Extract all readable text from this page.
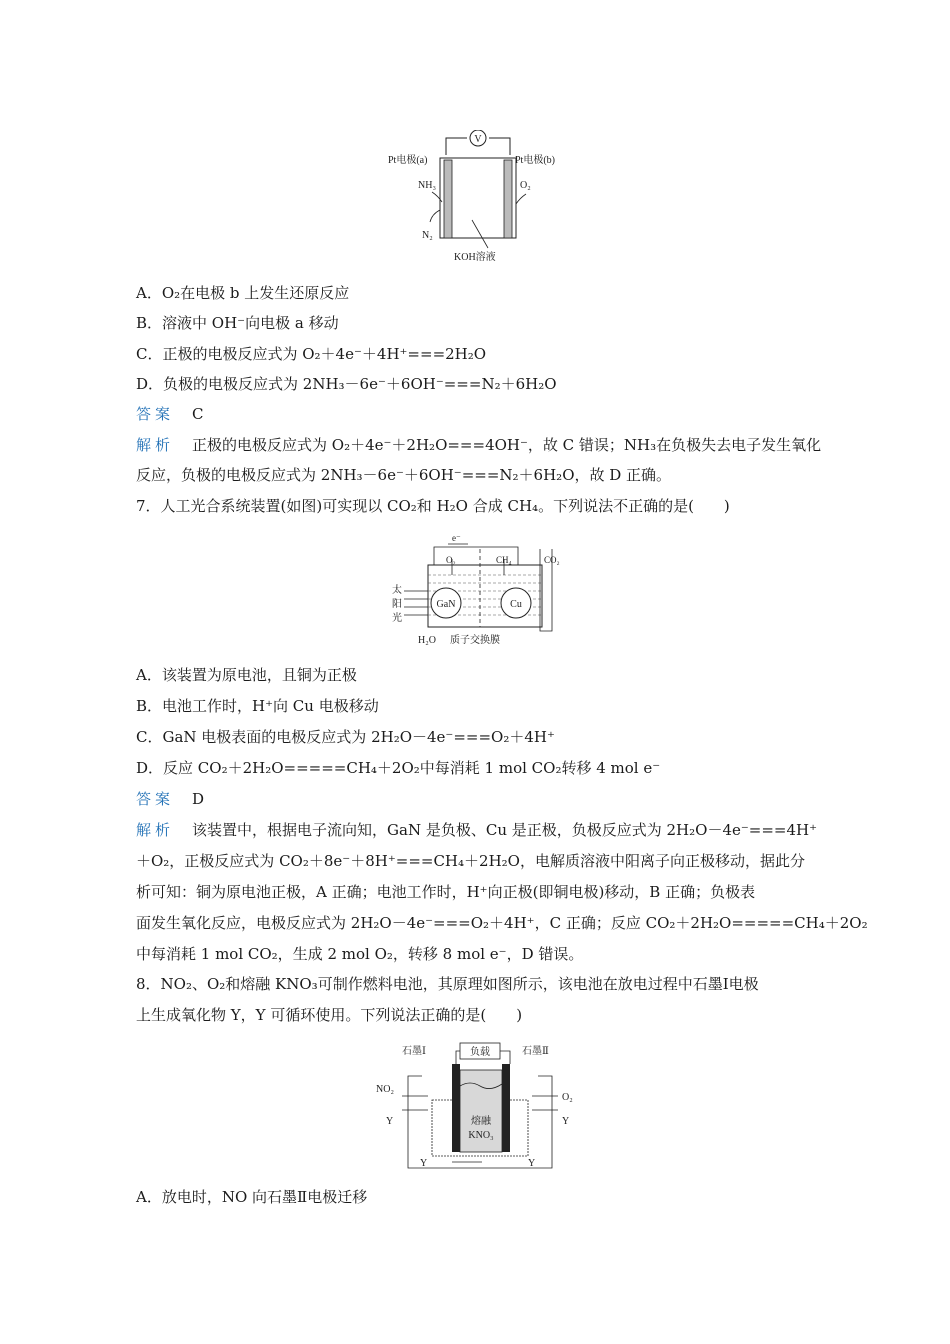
V
Pt电极(a)	Pt电极(b)
NH₃
N₂
O₂
KOH溶液
A．O₂在电极 b 上发生还原反应
B．溶液中 OH⁻向电极 a 移动
C．正极的电极反应式为 O₂＋4e⁻＋4H⁺===2H₂O
D．负极的电极反应式为 2NH₃－6e⁻＋6OH⁻===N₂＋6H₂O
答案 C
解析 正极的电极反应式为 O₂＋4e⁻＋2H₂O===4OH⁻，故 C 错误；NH₃在负极失去电子发生氧化
反应，负极的电极反应式为 2NH₃－6e⁻＋6OH⁻===N₂＋6H₂O，故 D 正确。
7．人工光合系统装置(如图)可实现以 CO₂和 H₂O 合成 CH₄。下列说法不正确的是(　　)
e⁻
O₂	CH₄	CO₂
GaN	Cu
太
阳
光
H₂O 质子交换膜
A．该装置为原电池，且铜为正极
B．电池工作时，H⁺向 Cu 电极移动
C．GaN 电极表面的电极反应式为 2H₂O－4e⁻===O₂＋4H⁺
D．反应 CO₂＋2H₂O=====CH₄＋2O₂中每消耗 1 mol CO₂转移 4 mol e⁻
答案 D
解析 该装置中，根据电子流向知，GaN 是负极、Cu 是正极，负极反应式为 2H₂O－4e⁻===4H⁺
＋O₂，正极反应式为 CO₂＋8e⁻＋8H⁺===CH₄＋2H₂O，电解质溶液中阳离子向正极移动，据此分
析可知：铜为原电池正极，A 正确；电池工作时，H⁺向正极(即铜电极)移动，B 正确；负极表
面发生氧化反应，电极反应式为 2H₂O－4e⁻===O₂＋4H⁺，C 正确；反应 CO₂＋2H₂O=====CH₄＋2O₂
中每消耗 1 mol CO₂，生成 2 mol O₂，转移 8 mol e⁻，D 错误。
8．NO₂、O₂和熔融 KNO₃可制作燃料电池，其原理如图所示，该电池在放电过程中石墨Ⅰ电极
上生成氧化物 Y，Y 可循环使用。下列说法正确的是(　　)
负载
石墨Ⅰ	石墨Ⅱ
熔融
KNO₃
NO₂
Y
O₂
Y
Y	Y
A．放电时，NO 向石墨Ⅱ电极迁移
